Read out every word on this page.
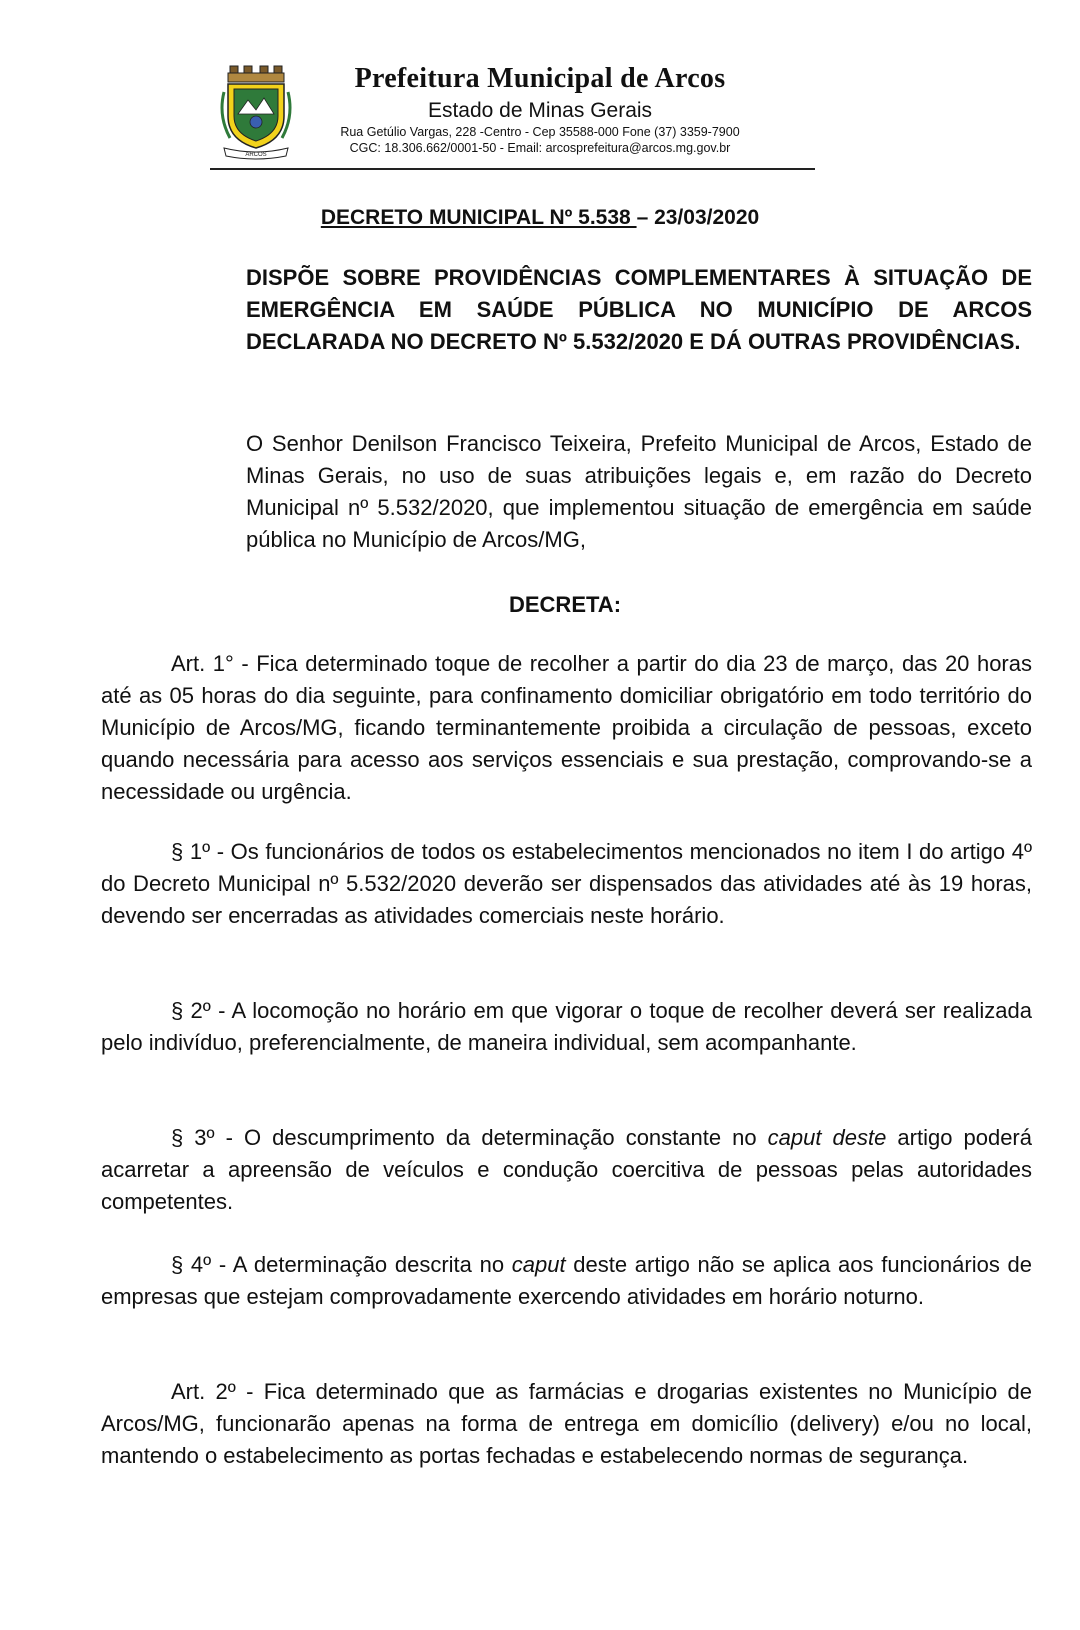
ARCOS
Prefeitura Municipal de Arcos
Estado de Minas Gerais
Rua Getúlio Vargas, 228 -Centro - Cep 35588-000 Fone (37) 3359-7900
CGC: 18.306.662/0001-50 - Email: arcosprefeitura@arcos.mg.gov.br
DECRETO MUNICIPAL Nº 5.538 – 23/03/2020
DISPÕE SOBRE PROVIDÊNCIAS COMPLEMENTARES À SITUAÇÃO DE EMERGÊNCIA EM SAÚDE PÚBLICA NO MUNICÍPIO DE ARCOS DECLARADA NO DECRETO Nº 5.532/2020 E DÁ OUTRAS PROVIDÊNCIAS.
O Senhor Denilson Francisco Teixeira, Prefeito Municipal de Arcos, Estado de Minas Gerais, no uso de suas atribuições legais e, em razão do Decreto Municipal nº 5.532/2020, que implementou situação de emergência em saúde pública no Município de Arcos/MG,
DECRETA:
Art. 1° - Fica determinado toque de recolher a partir do dia 23 de março, das 20 horas até as 05 horas do dia seguinte, para confinamento domiciliar obrigatório em todo território do Município de Arcos/MG, ficando terminantemente proibida a circulação de pessoas, exceto quando necessária para acesso aos serviços essenciais e sua prestação, comprovando-se a necessidade ou urgência.
§ 1º - Os funcionários de todos os estabelecimentos mencionados no item I do artigo 4º do Decreto Municipal nº 5.532/2020 deverão ser dispensados das atividades até às 19 horas, devendo ser encerradas as atividades comerciais neste horário.
§ 2º - A locomoção no horário em que vigorar o toque de recolher deverá ser realizada pelo indivíduo, preferencialmente, de maneira individual, sem acompanhante.
§ 3º - O descumprimento da determinação constante no caput deste artigo poderá acarretar a apreensão de veículos e condução coercitiva de pessoas pelas autoridades competentes.
§ 4º - A determinação descrita no caput deste artigo não se aplica aos funcionários de empresas que estejam comprovadamente exercendo atividades em horário noturno.
Art. 2º - Fica determinado que as farmácias e drogarias existentes no Município de Arcos/MG, funcionarão apenas na forma de entrega em domicílio (delivery) e/ou no local, mantendo o estabelecimento as portas fechadas e estabelecendo normas de segurança.
